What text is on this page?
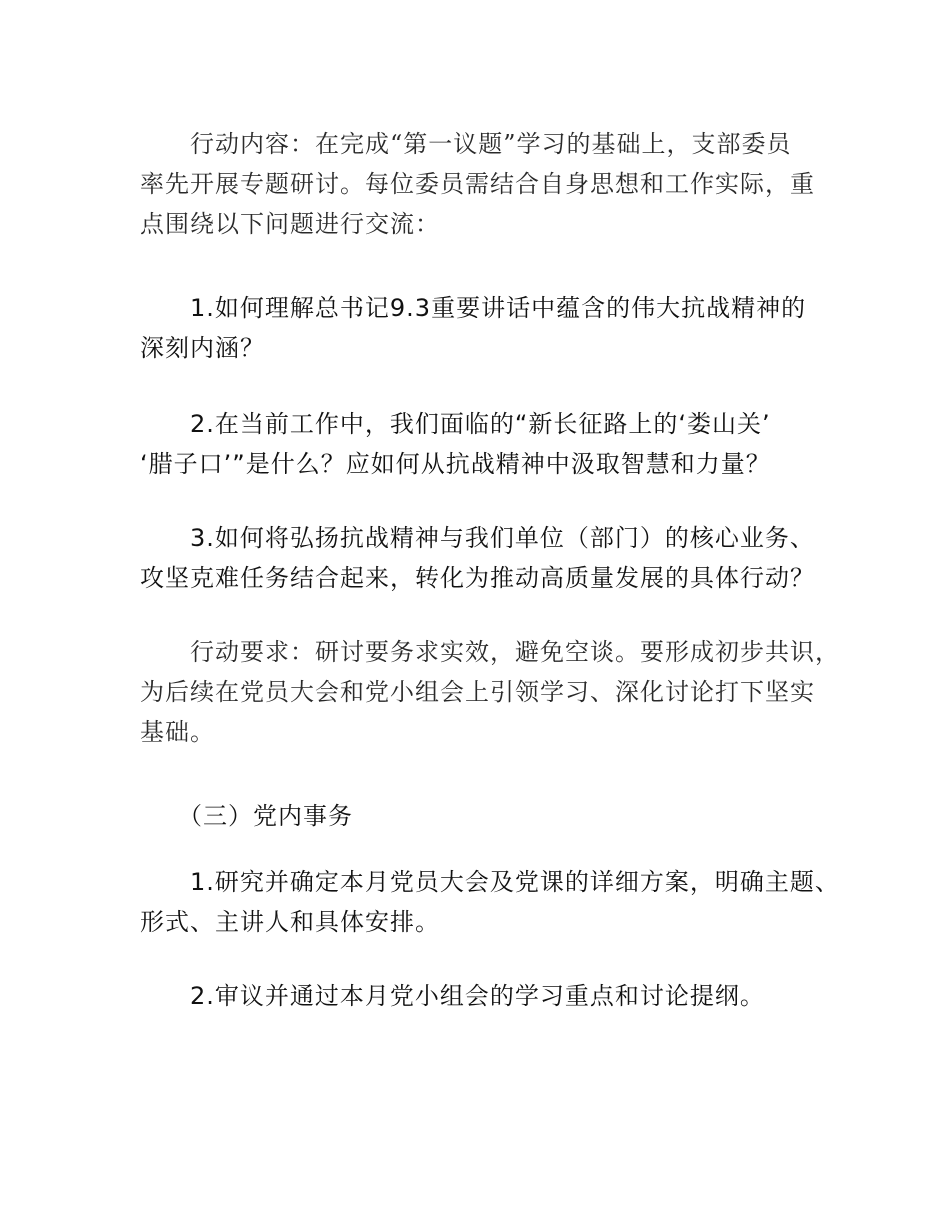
行动内容：在完成“第一议题”学习的基础上，支部委员
率先开展专题研讨。每位委员需结合自身思想和工作实际，重
点围绕以下问题进行交流：
1.如何理解总书记9.3重要讲话中蕴含的伟大抗战精神的
深刻内涵？
2.在当前工作中，我们面临的“新长征路上的‘娄山关’
‘腊子口’”是什么？应如何从抗战精神中汲取智慧和力量？
3.如何将弘扬抗战精神与我们单位（部门）的核心业务、
攻坚克难任务结合起来，转化为推动高质量发展的具体行动？
行动要求：研讨要务求实效，避免空谈。要形成初步共识，
为后续在党员大会和党小组会上引领学习、深化讨论打下坚实
基础。
（三）党内事务
1.研究并确定本月党员大会及党课的详细方案，明确主题、
形式、主讲人和具体安排。
2.审议并通过本月党小组会的学习重点和讨论提纲。
